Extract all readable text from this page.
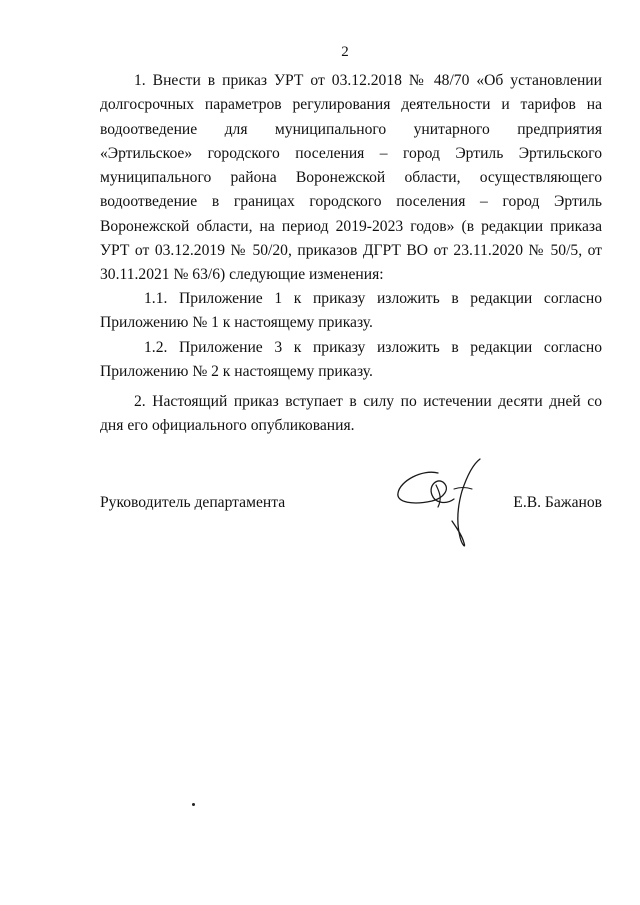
2

1. Внести в приказ УРТ от 03.12.2018 № 48/70 «Об установлении долгосрочных параметров регулирования деятельности и тарифов на водоотведение для муниципального унитарного предприятия «Эртильское» городского поселения – город Эртиль Эртильского муниципального района Воронежской области, осуществляющего водоотведение в границах городского поселения – город Эртиль Воронежской области, на период 2019-2023 годов» (в редакции приказа УРТ от 03.12.2019 № 50/20, приказов ДГРТ ВО от 23.11.2020 № 50/5, от 30.11.2021 № 63/6) следующие изменения:

1.1. Приложение 1 к приказу изложить в редакции согласно Приложению № 1 к настоящему приказу.

1.2. Приложение 3 к приказу изложить в редакции согласно Приложению № 2 к настоящему приказу.

2. Настоящий приказ вступает в силу по истечении десяти дней со дня его официального опубликования.

Руководитель департамента	Е.В. Бажанов
